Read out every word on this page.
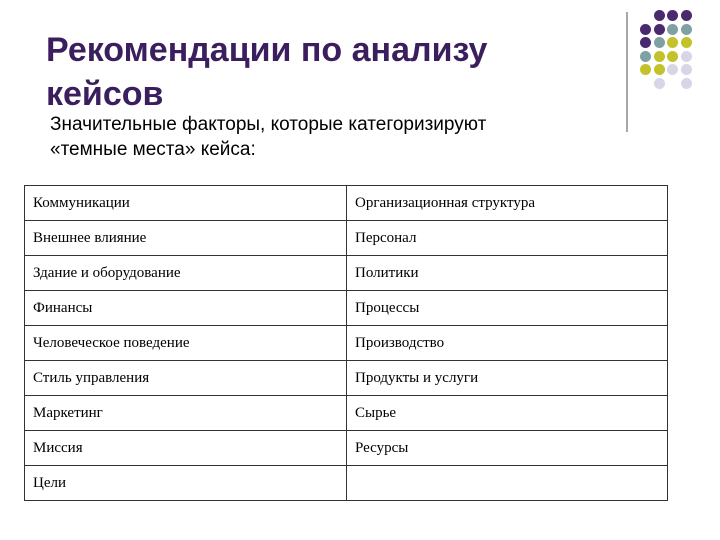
Рекомендации по анализу
кейсов

Значительные факторы, которые категоризируют
«темные места» кейса:

Коммуникации	Организационная структура
Внешнее влияние	Персонал
Здание и оборудование	Политики
Финансы	Процессы
Человеческое поведение	Производство
Стиль управления	Продукты и услуги
Маркетинг	Сырье
Миссия	Ресурсы
Цели	
